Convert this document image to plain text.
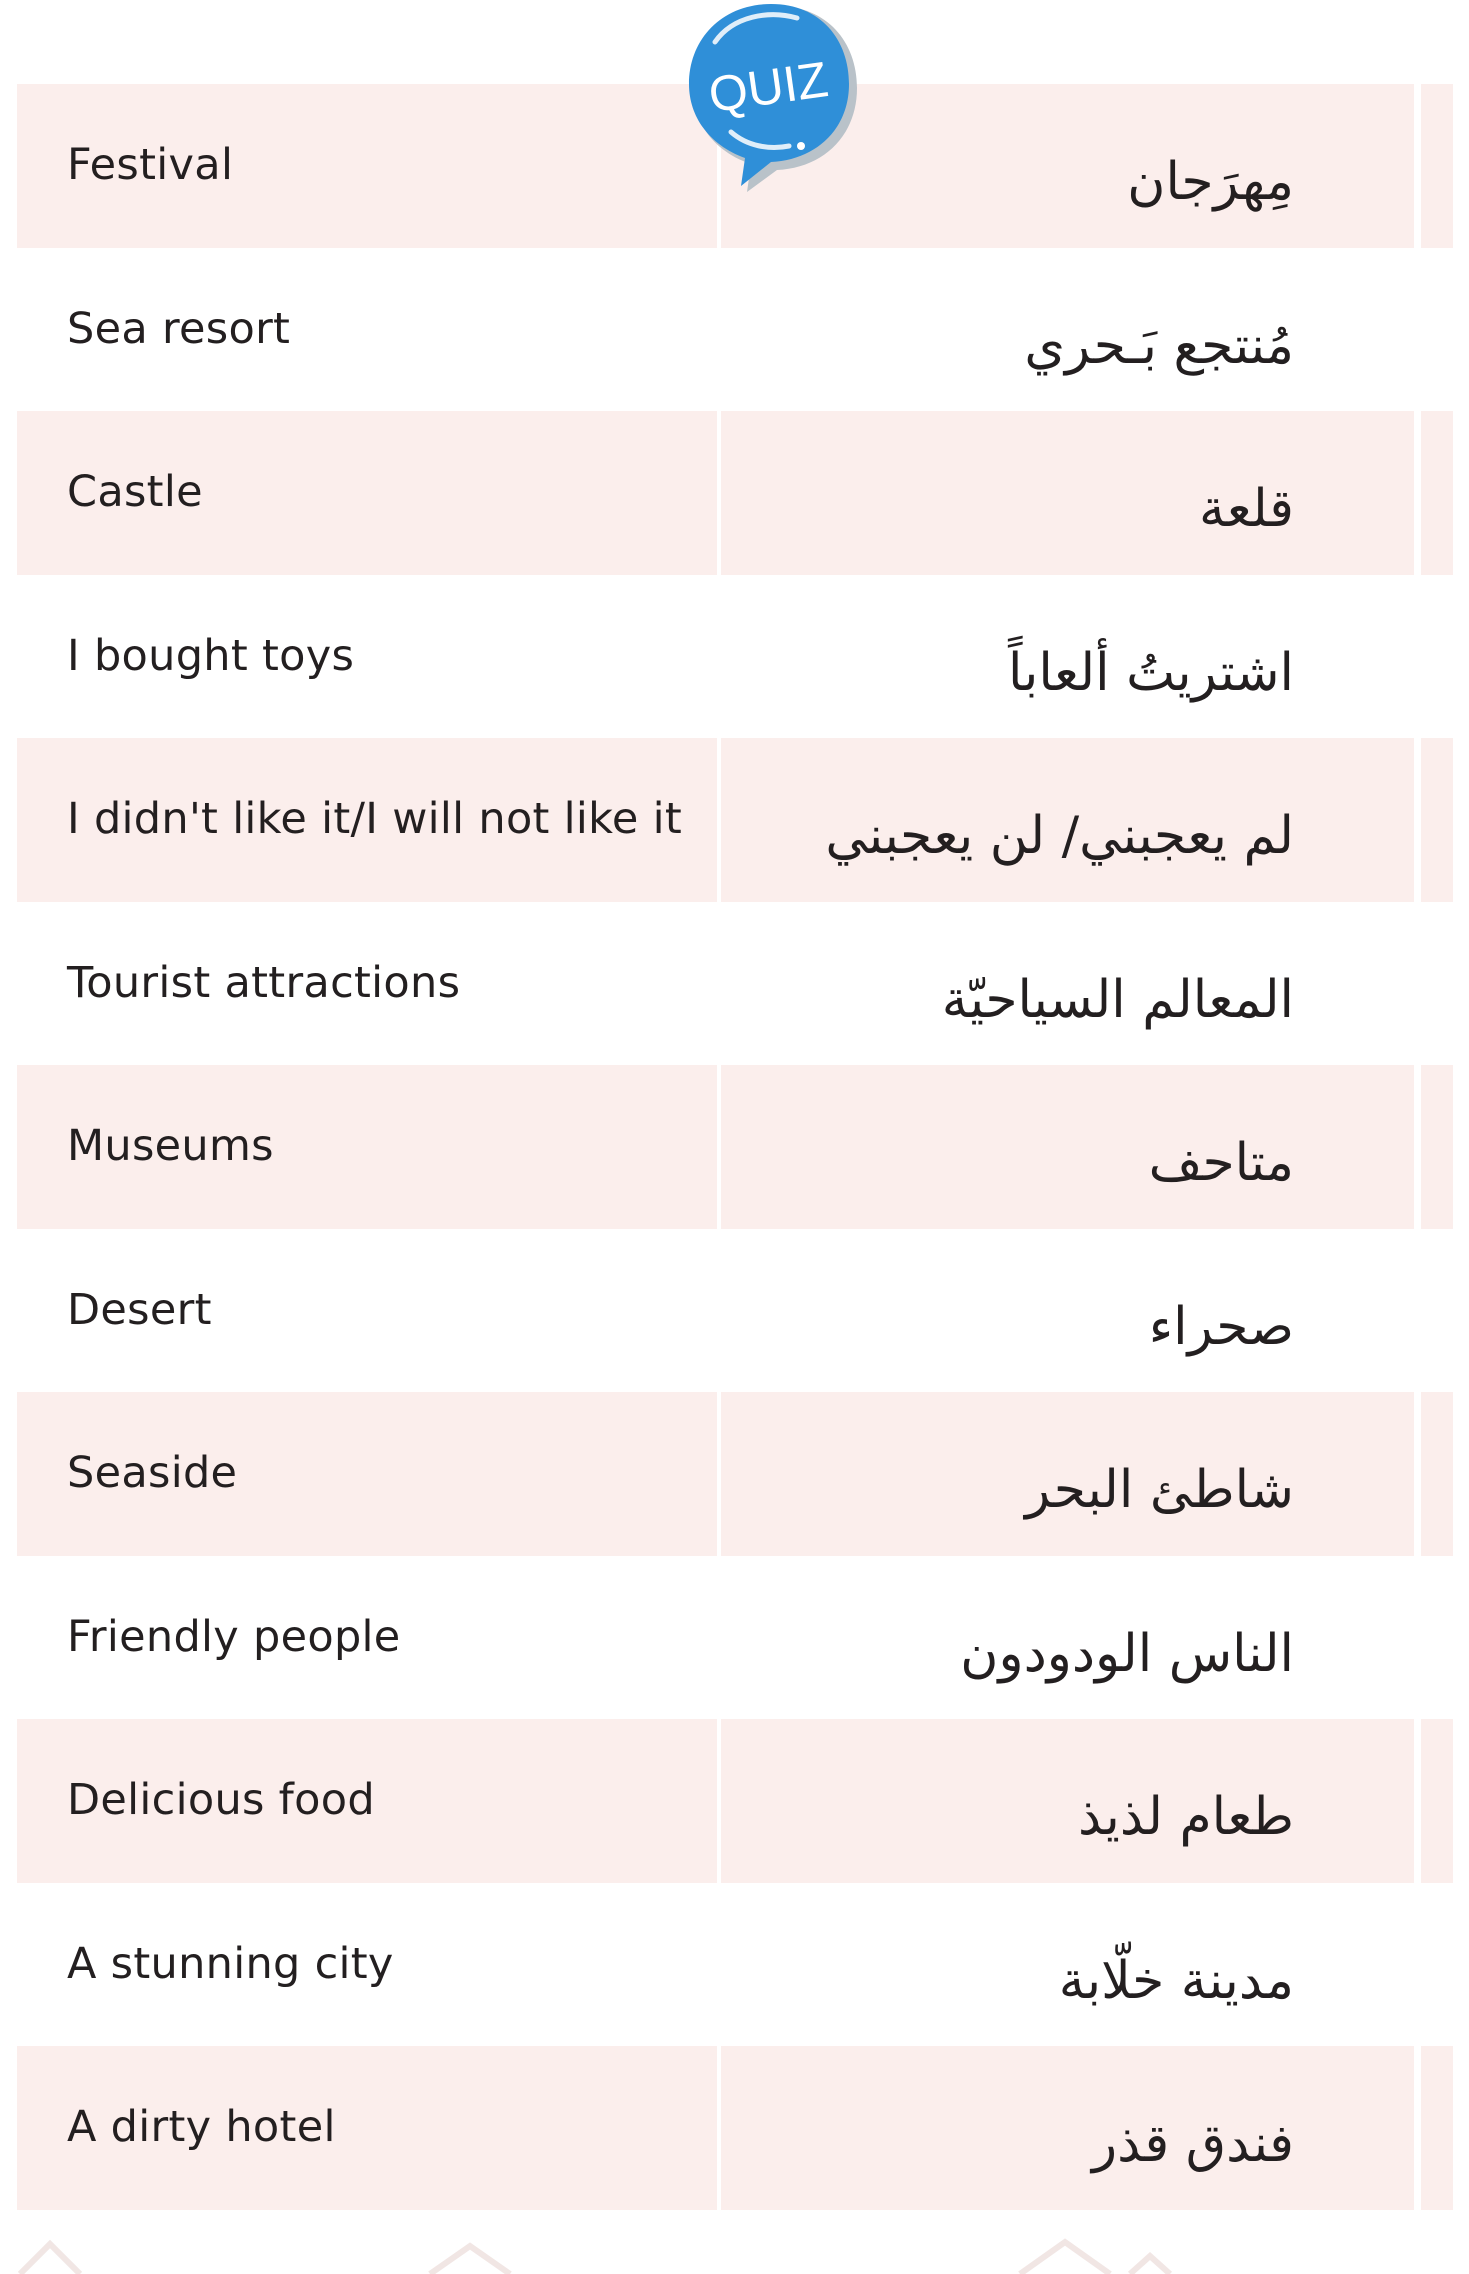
Festival	مِهرَجان
Sea resort	مُنتجع بَـحري
Castle	قلعة
I bought toys	اشتريتُ ألعاباً
I didn't like it/I will not like it	لم يعجبني/ لن يعجبني
Tourist attractions	المعالم السياحيّة
Museums	متاحف
Desert	صحراء
Seaside	شاطئ البحر
Friendly people	الناس الودودون
Delicious food	طعام لذيذ
A stunning city	مدينة خلّابة
A dirty hotel	فندق قذر
QUIZ
